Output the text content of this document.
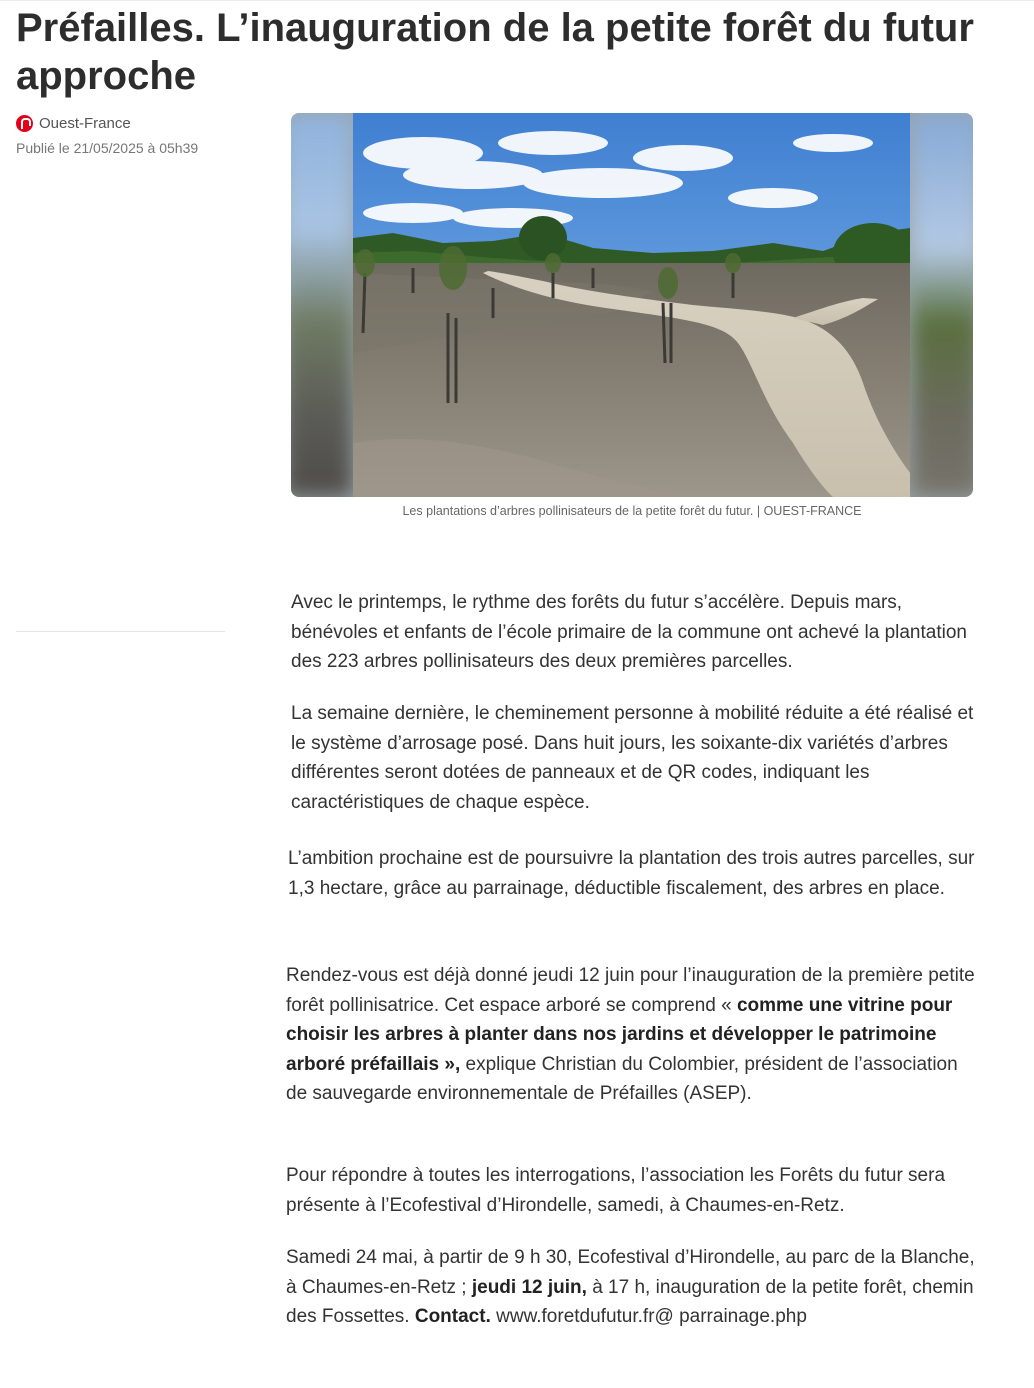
Préfailles. L’inauguration de la petite forêt du futur approche
Ouest-France
Publié le 21/05/2025 à 05h39
Les plantations d’arbres pollinisateurs de la petite forêt du futur. | OUEST-FRANCE

Avec le printemps, le rythme des forêts du futur s’accélère. Depuis mars, bénévoles et enfants de l’école primaire de la commune ont achevé la plantation des 223 arbres pollinisateurs des deux premières parcelles.

La semaine dernière, le cheminement personne à mobilité réduite a été réalisé et le système d’arrosage posé. Dans huit jours, les soixante-dix variétés d’arbres différentes seront dotées de panneaux et de QR codes, indiquant les caractéristiques de chaque espèce.

L’ambition prochaine est de poursuivre la plantation des trois autres parcelles, sur 1,3 hectare, grâce au parrainage, déductible fiscalement, des arbres en place.

Rendez-vous est déjà donné jeudi 12 juin pour l’inauguration de la première petite forêt pollinisatrice. Cet espace arboré se comprend « comme une vitrine pour choisir les arbres à planter dans nos jardins et développer le patrimoine arboré préfaillais », explique Christian du Colombier, président de l’association de sauvegarde environnementale de Préfailles (ASEP).

Pour répondre à toutes les interrogations, l’association les Forêts du futur sera présente à l’Ecofestival d’Hirondelle, samedi, à Chaumes-en-Retz.

Samedi 24 mai, à partir de 9 h 30, Ecofestival d’Hirondelle, au parc de la Blanche, à Chaumes-en-Retz ; jeudi 12 juin, à 17 h, inauguration de la petite forêt, chemin des Fossettes. Contact. www.foretdufutur.fr@ parrainage.php
